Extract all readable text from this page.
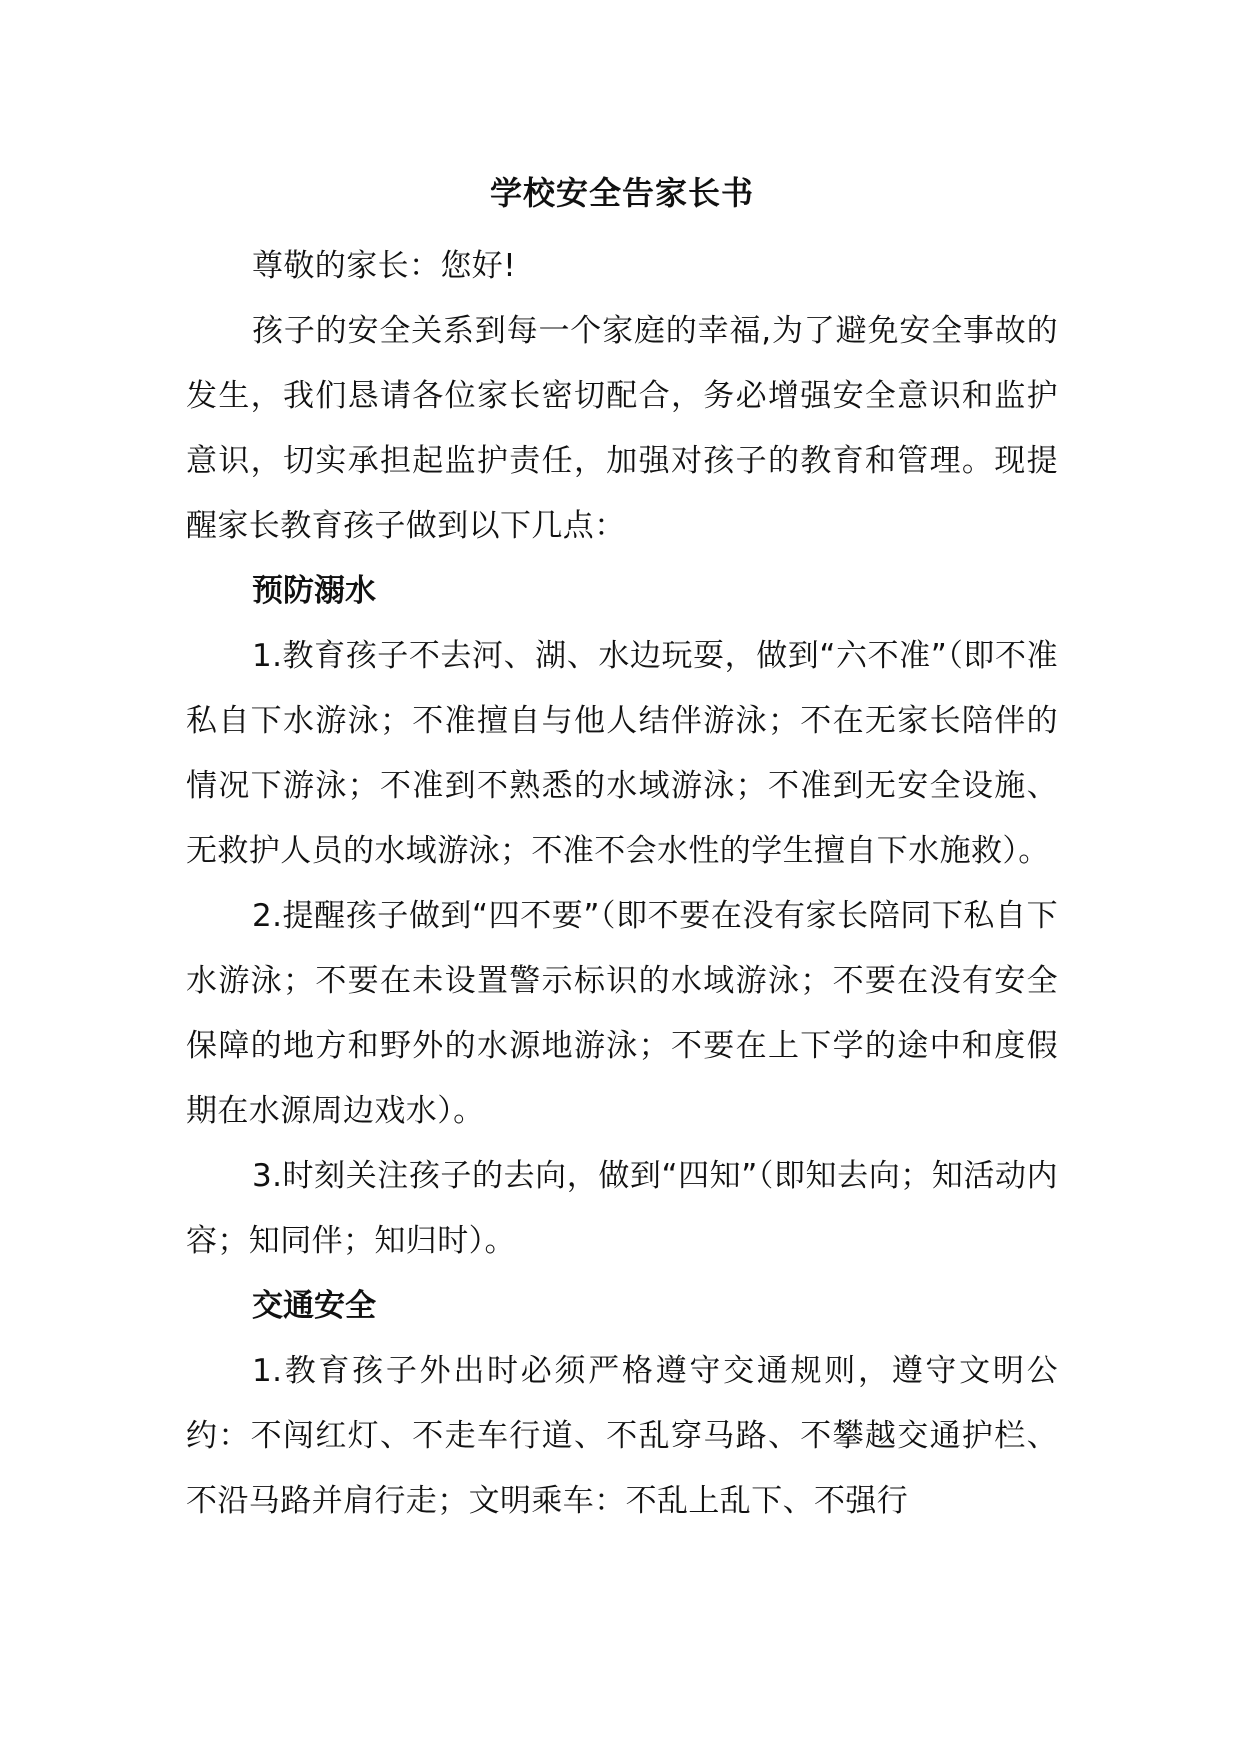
学校安全告家长书

尊敬的家长：您好!

孩子的安全关系到每一个家庭的幸福,为了避免安全事故的发生，我们恳请各位家长密切配合，务必增强安全意识和监护意识，切实承担起监护责任，加强对孩子的教育和管理。现提醒家长教育孩子做到以下几点：

预防溺水

1.教育孩子不去河、湖、水边玩耍，做到“六不准”（即不准私自下水游泳；不准擅自与他人结伴游泳；不在无家长陪伴的情况下游泳；不准到不熟悉的水域游泳；不准到无安全设施、无救护人员的水域游泳；不准不会水性的学生擅自下水施救）。

2.提醒孩子做到“四不要”（即不要在没有家长陪同下私自下水游泳；不要在未设置警示标识的水域游泳；不要在没有安全保障的地方和野外的水源地游泳；不要在上下学的途中和度假期在水源周边戏水）。

3.时刻关注孩子的去向，做到“四知”（即知去向；知活动内容；知同伴；知归时）。

交通安全

1.教育孩子外出时必须严格遵守交通规则，遵守文明公约：不闯红灯、不走车行道、不乱穿马路、不攀越交通护栏、不沿马路并肩行走；文明乘车：不乱上乱下、不强行
